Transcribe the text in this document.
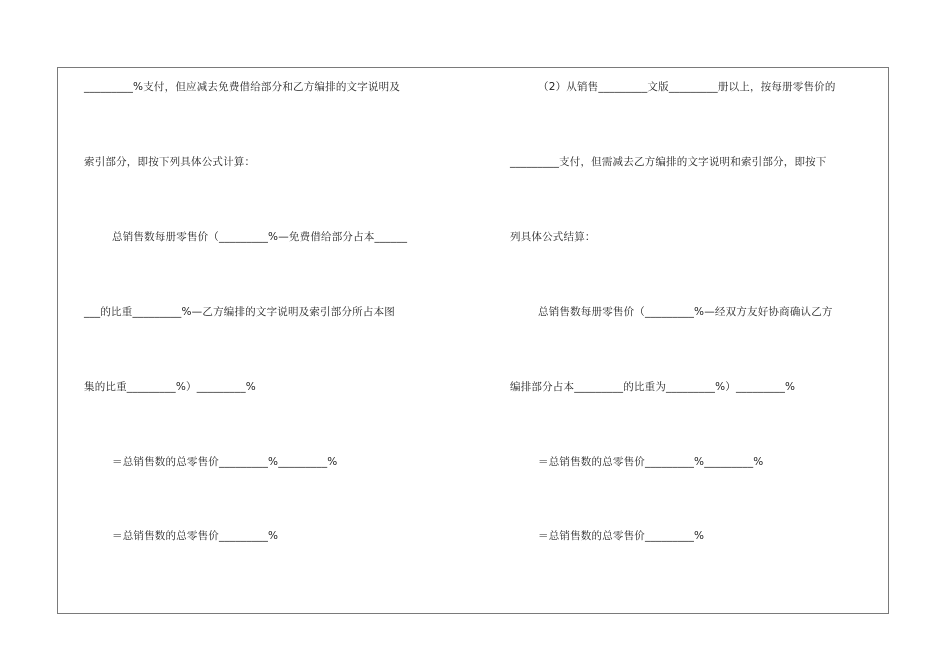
_________%支付，但应减去免费借给部分和乙方编排的文字说明及
索引部分，即按下列具体公式计算：
总销售数每册零售价（_________%—免费借给部分占本______
___的比重_________%—乙方编排的文字说明及索引部分所占本图
集的比重_________%）_________%
＝总销售数的总零售价_________%_________%
＝总销售数的总零售价_________%
（2）从销售_________文版_________册以上，按每册零售价的
_________支付，但需减去乙方编排的文字说明和索引部分，即按下
列具体公式结算：
总销售数每册零售价（_________%—经双方友好协商确认乙方
编排部分占本_________的比重为_________%）_________%
＝总销售数的总零售价_________%_________%
＝总销售数的总零售价_________%
